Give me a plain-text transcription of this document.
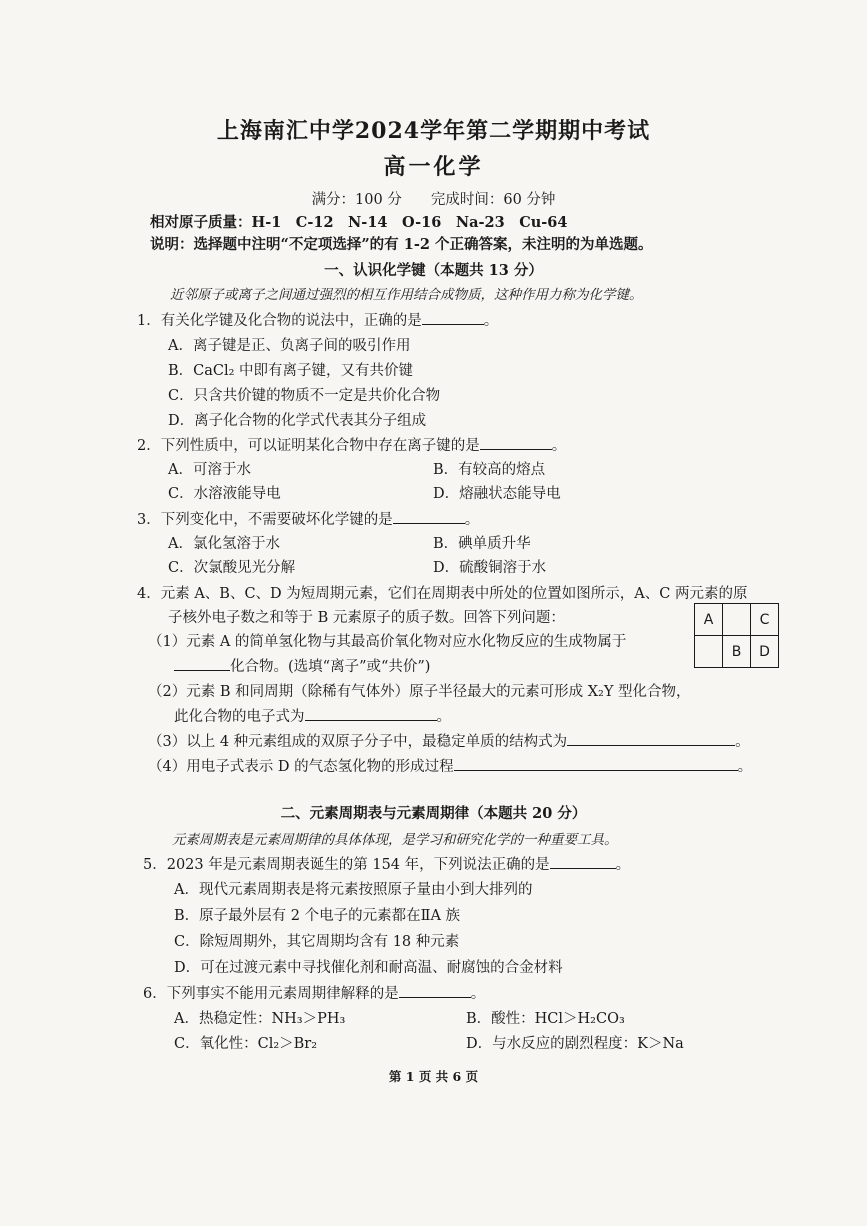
上海南汇中学2024学年第二学期期中考试
高一化学
满分：100 分　　完成时间：60 分钟
相对原子质量：H-1　C-12　N-14　O-16　Na-23　Cu-64
说明：选择题中注明“不定项选择”的有 1-2 个正确答案，未注明的为单选题。
一、认识化学键（本题共 13 分）
近邻原子或离子之间通过强烈的相互作用结合成物质，这种作用力称为化学键。
1．有关化学键及化合物的说法中，正确的是	。
A．离子键是正、负离子间的吸引作用
B．CaCl₂ 中即有离子键，又有共价键
C．只含共价键的物质不一定是共价化合物
D．离子化合物的化学式代表其分子组成
2．下列性质中，可以证明某化合物中存在离子键的是	。
A．可溶于水	B．有较高的熔点
C．水溶液能导电	D．熔融状态能导电
3．下列变化中，不需要破坏化学键的是	。
A．氯化氢溶于水	B．碘单质升华
C．次氯酸见光分解	D．硫酸铜溶于水
4．元素 A、B、C、D 为短周期元素，它们在周期表中所处的位置如图所示，A、C 两元素的原
子核外电子数之和等于 B 元素原子的质子数。回答下列问题：	A		C
	B	D
（1）元素 A 的简单氢化物与其最高价氧化物对应水化物反应的生成物属于
化合物。(选填“离子”或“共价”)
（2）元素 B 和同周期（除稀有气体外）原子半径最大的元素可形成 X₂Y 型化合物，
此化合物的电子式为	。
（3）以上 4 种元素组成的双原子分子中，最稳定单质的结构式为	。
（4）用电子式表示 D 的气态氢化物的形成过程	。
二、元素周期表与元素周期律（本题共 20 分）
元素周期表是元素周期律的具体体现，是学习和研究化学的一种重要工具。
5．2023 年是元素周期表诞生的第 154 年，下列说法正确的是	。
A．现代元素周期表是将元素按照原子量由小到大排列的
B．原子最外层有 2 个电子的元素都在ⅡA 族
C．除短周期外，其它周期均含有 18 种元素
D．可在过渡元素中寻找催化剂和耐高温、耐腐蚀的合金材料
6．下列事实不能用元素周期律解释的是	。
A．热稳定性：NH₃＞PH₃	B．酸性：HCl＞H₂CO₃
C．氧化性：Cl₂＞Br₂	D．与水反应的剧烈程度：K＞Na
第 1 页 共 6 页
